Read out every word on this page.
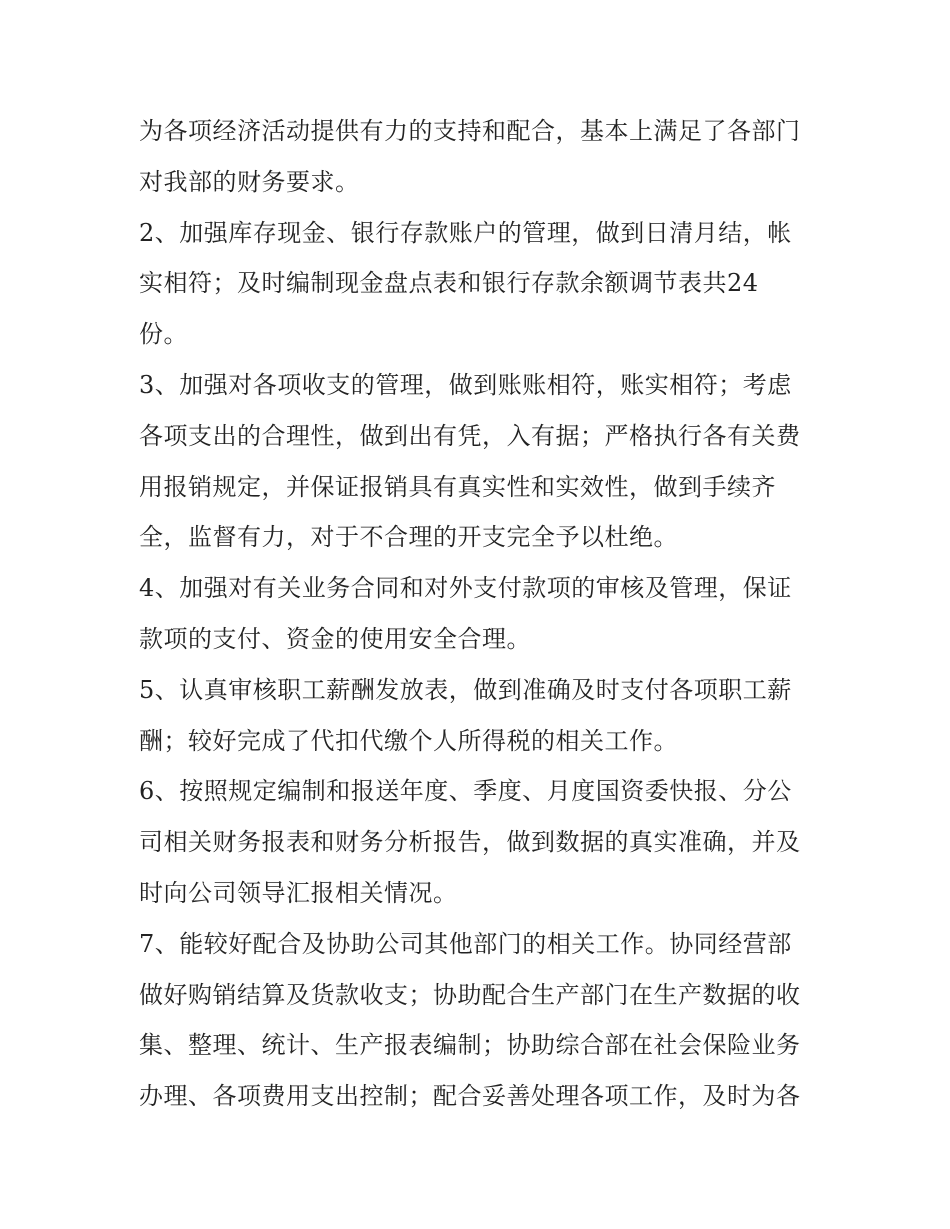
为各项经济活动提供有力的支持和配合，基本上满足了各部门
对我部的财务要求。
2、加强库存现金、银行存款账户的管理，做到日清月结，帐
实相符；及时编制现金盘点表和银行存款余额调节表共24
份。
3、加强对各项收支的管理，做到账账相符，账实相符；考虑
各项支出的合理性，做到出有凭，入有据；严格执行各有关费
用报销规定，并保证报销具有真实性和实效性，做到手续齐
全，监督有力，对于不合理的开支完全予以杜绝。
4、加强对有关业务合同和对外支付款项的审核及管理，保证
款项的支付、资金的使用安全合理。
5、认真审核职工薪酬发放表，做到准确及时支付各项职工薪
酬；较好完成了代扣代缴个人所得税的相关工作。
6、按照规定编制和报送年度、季度、月度国资委快报、分公
司相关财务报表和财务分析报告，做到数据的真实准确，并及
时向公司领导汇报相关情况。
7、能较好配合及协助公司其他部门的相关工作。协同经营部
做好购销结算及货款收支；协助配合生产部门在生产数据的收
集、整理、统计、生产报表编制；协助综合部在社会保险业务
办理、各项费用支出控制；配合妥善处理各项工作，及时为各
